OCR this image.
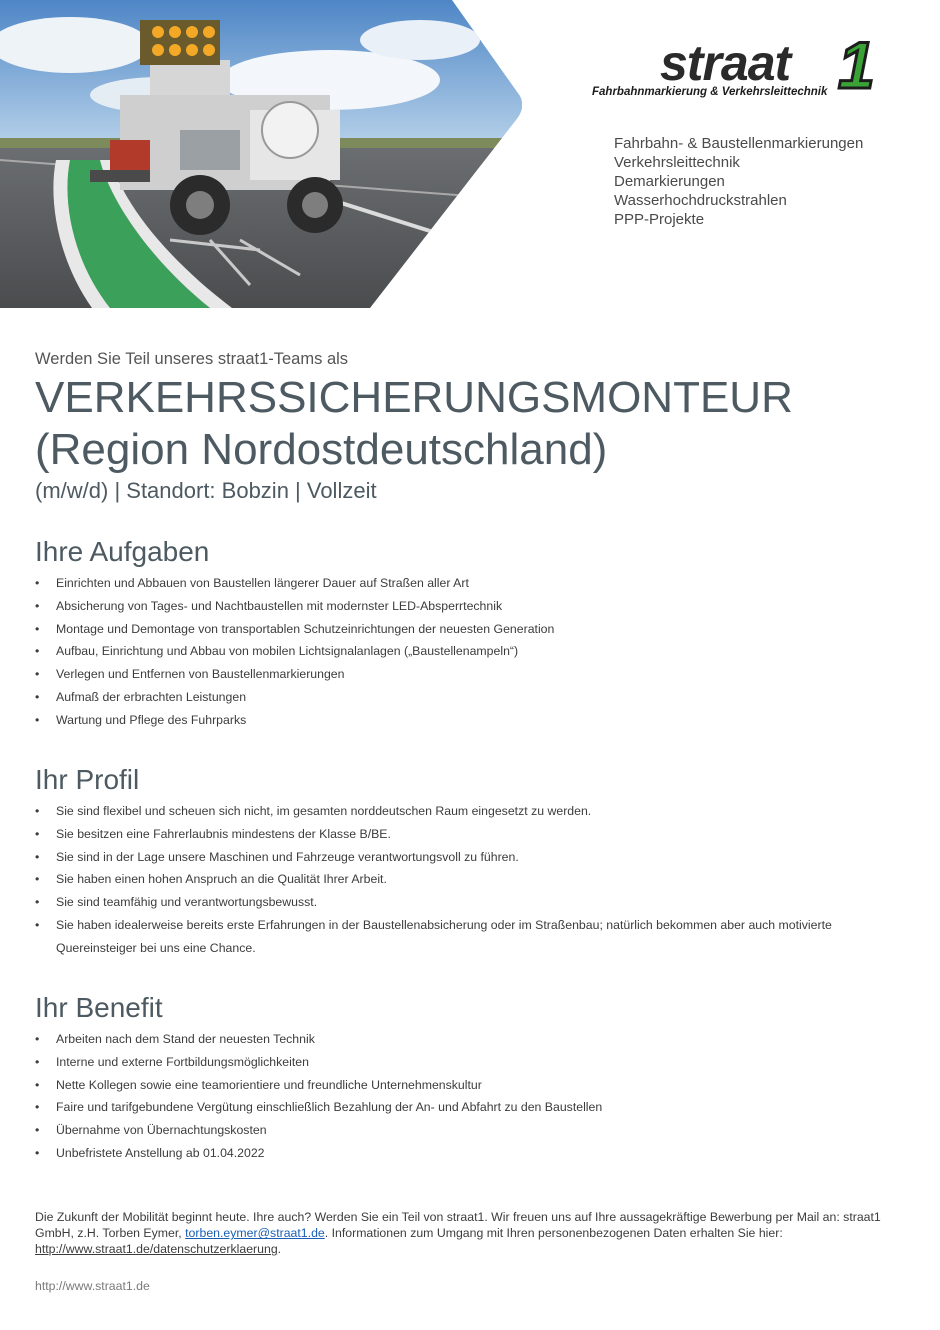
straat 1
Fahrbahnmarkierung & Verkehrsleittechnik
Fahrbahn- & Baustellenmarkierungen
Verkehrsleittechnik
Demarkierungen
Wasserhochdruckstrahlen
PPP-Projekte
Werden Sie Teil unseres straat1-Teams als
VERKEHRSSICHERUNGSMONTEUR
(Region Nordostdeutschland)
(m/w/d) | Standort: Bobzin | Vollzeit
Ihre Aufgaben
• Einrichten und Abbauen von Baustellen längerer Dauer auf Straßen aller Art
• Absicherung von Tages- und Nachtbaustellen mit modernster LED-Absperrtechnik
• Montage und Demontage von transportablen Schutzeinrichtungen der neuesten Generation
• Aufbau, Einrichtung und Abbau von mobilen Lichtsignalanlagen („Baustellenampeln“)
• Verlegen und Entfernen von Baustellenmarkierungen
• Aufmaß der erbrachten Leistungen
• Wartung und Pflege des Fuhrparks
Ihr Profil
• Sie sind flexibel und scheuen sich nicht, im gesamten norddeutschen Raum eingesetzt zu werden.
• Sie besitzen eine Fahrerlaubnis mindestens der Klasse B/BE.
• Sie sind in der Lage unsere Maschinen und Fahrzeuge verantwortungsvoll zu führen.
• Sie haben einen hohen Anspruch an die Qualität Ihrer Arbeit.
• Sie sind teamfähig und verantwortungsbewusst.
• Sie haben idealerweise bereits erste Erfahrungen in der Baustellenabsicherung oder im Straßenbau; natürlich bekommen aber auch motivierte Quereinsteiger bei uns eine Chance.
Ihr Benefit
• Arbeiten nach dem Stand der neuesten Technik
• Interne und externe Fortbildungsmöglichkeiten
• Nette Kollegen sowie eine teamorientiere und freundliche Unternehmenskultur
• Faire und tarifgebundene Vergütung einschließlich Bezahlung der An- und Abfahrt zu den Baustellen
• Übernahme von Übernachtungskosten
• Unbefristete Anstellung ab 01.04.2022

Die Zukunft der Mobilität beginnt heute. Ihre auch? Werden Sie ein Teil von straat1. Wir freuen uns auf Ihre aussagekräftige Bewerbung per Mail an: straat1 GmbH, z.H. Torben Eymer, torben.eymer@straat1.de. Informationen zum Umgang mit Ihren personenbezogenen Daten erhalten Sie hier: http://www.straat1.de/datenschutzerklaerung.

http://www.straat1.de
